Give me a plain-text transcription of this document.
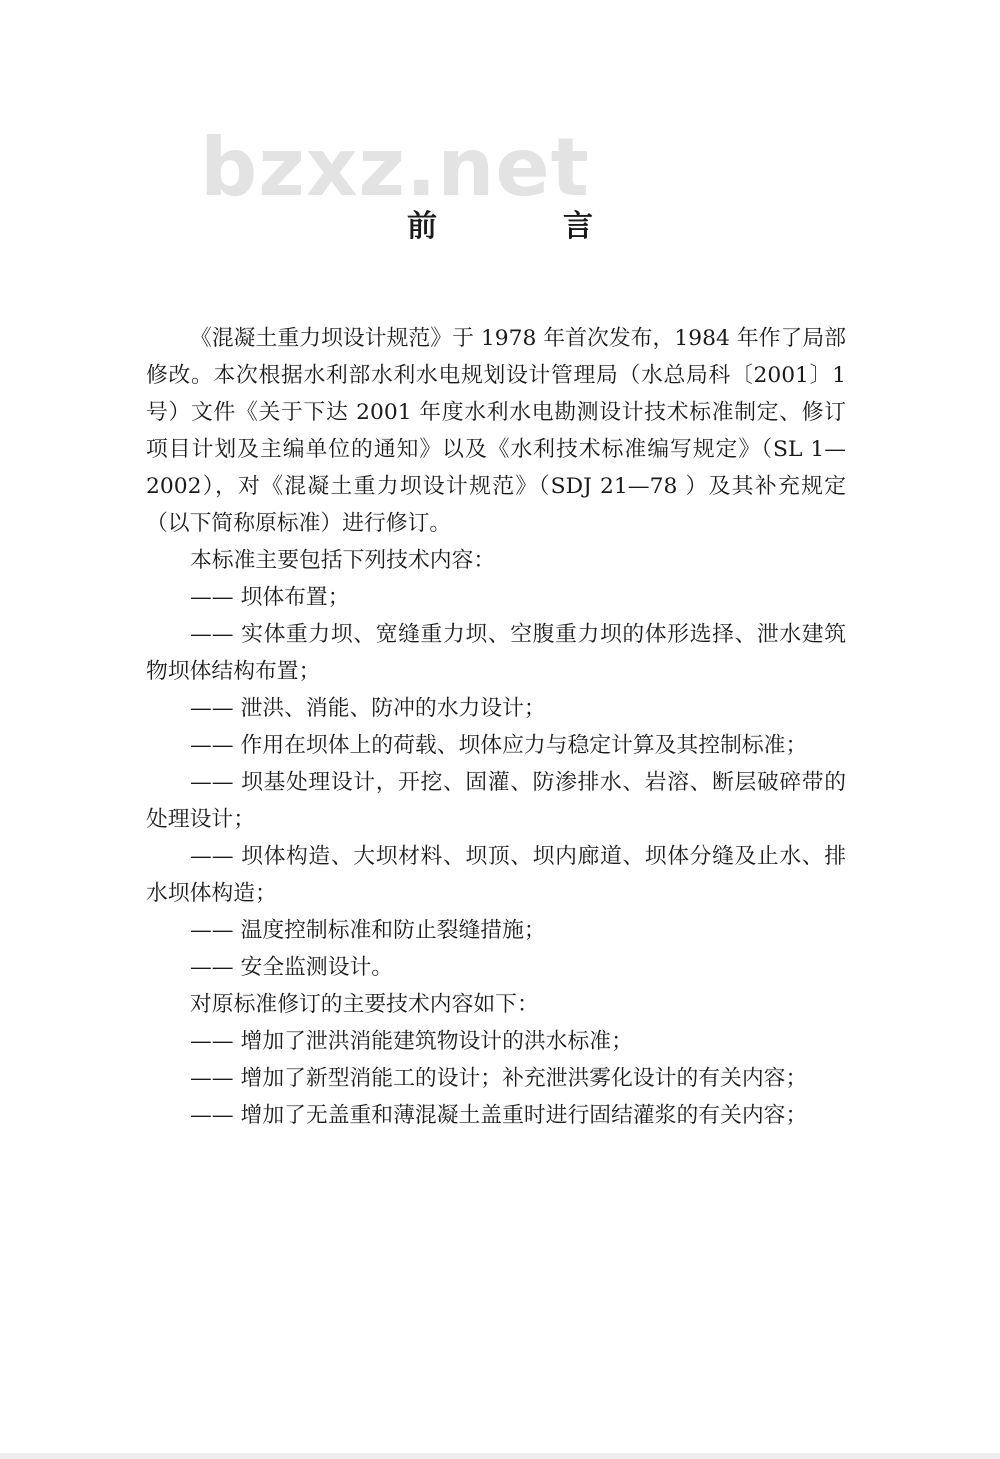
bzxz.net
前　言

《混凝土重力坝设计规范》于 1978 年首次发布，1984 年作了局部修改。本次根据水利部水利水电规划设计管理局（水总局科〔2001〕1 号）文件《关于下达 2001 年度水利水电勘测设计技术标准制定、修订项目计划及主编单位的通知》以及《水利技术标准编写规定》（SL 1—2002），对《混凝土重力坝设计规范》（SDJ 21—78 ）及其补充规定（以下简称原标准）进行修订。

本标准主要包括下列技术内容：

—— 坝体布置；

—— 实体重力坝、宽缝重力坝、空腹重力坝的体形选择、泄水建筑物坝体结构布置；

—— 泄洪、消能、防冲的水力设计；

—— 作用在坝体上的荷载、坝体应力与稳定计算及其控制标准；

—— 坝基处理设计，开挖、固灌、防渗排水、岩溶、断层破碎带的处理设计；

—— 坝体构造、大坝材料、坝顶、坝内廊道、坝体分缝及止水、排水坝体构造；

—— 温度控制标准和防止裂缝措施；

—— 安全监测设计。

对原标准修订的主要技术内容如下：

—— 增加了泄洪消能建筑物设计的洪水标准；

—— 增加了新型消能工的设计；补充泄洪雾化设计的有关内容；

—— 增加了无盖重和薄混凝土盖重时进行固结灌浆的有关内容；
